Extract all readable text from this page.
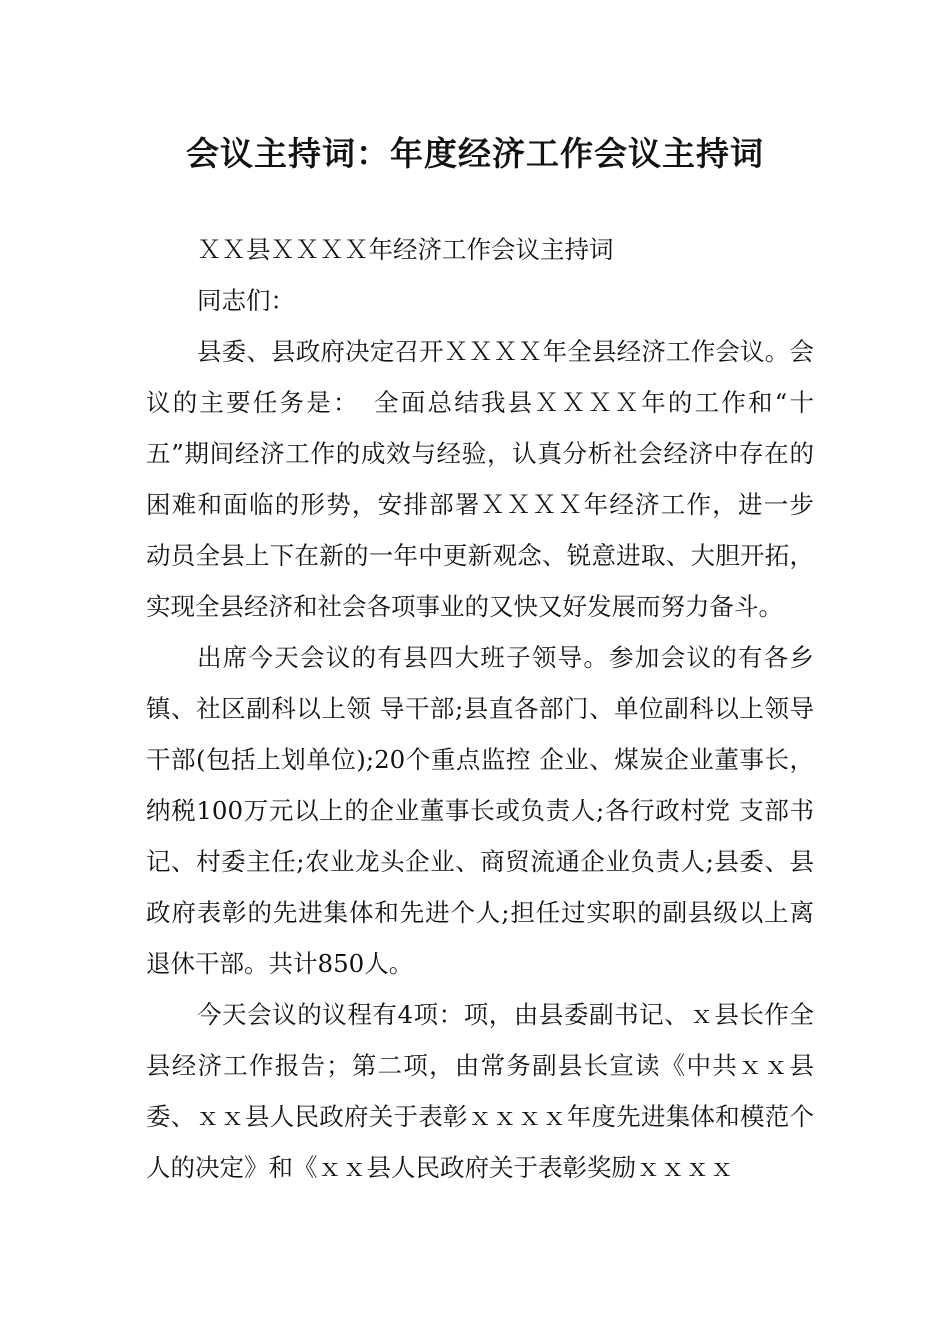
会议主持词：年度经济工作会议主持词

ＸＸ县ＸＸＸＸ年经济工作会议主持词

同志们：

县委、县政府决定召开ＸＸＸＸ年全县经济工作会议。会议的主要任务是：　全面总结我县ＸＸＸＸ年的工作和“十五”期间经济工作的成效与经验，认真分析社会经济中存在的困难和面临的形势，安排部署ＸＸＸＸ年经济工作，进一步 动员全县上下在新的一年中更新观念、锐意进取、大胆开拓，实现全县经济和社会各项事业的又快又好发展而努力备斗。

出席今天会议的有县四大班子领导。参加会议的有各乡镇、社区副科以上领 导干部;县直各部门、单位副科以上领导干部(包括上划单位);20个重点监控 企业、煤炭企业董事长，纳税100万元以上的企业董事长或负责人;各行政村党 支部书记、村委主任;农业龙头企业、商贸流通企业负责人;县委、县政府表彰的先进集体和先进个人;担任过实职的副县级以上离退休干部。共计850人。

今天会议的议程有4项：项，由县委副书记、ｘ县长作全县经济工作报告；第二项，由常务副县长宣读《中共ｘｘ县委、ｘｘ县人民政府关于表彰ｘｘｘｘ年度先进集体和模范个人的决定》和《ｘｘ县人民政府关于表彰奖励ｘｘｘｘ
